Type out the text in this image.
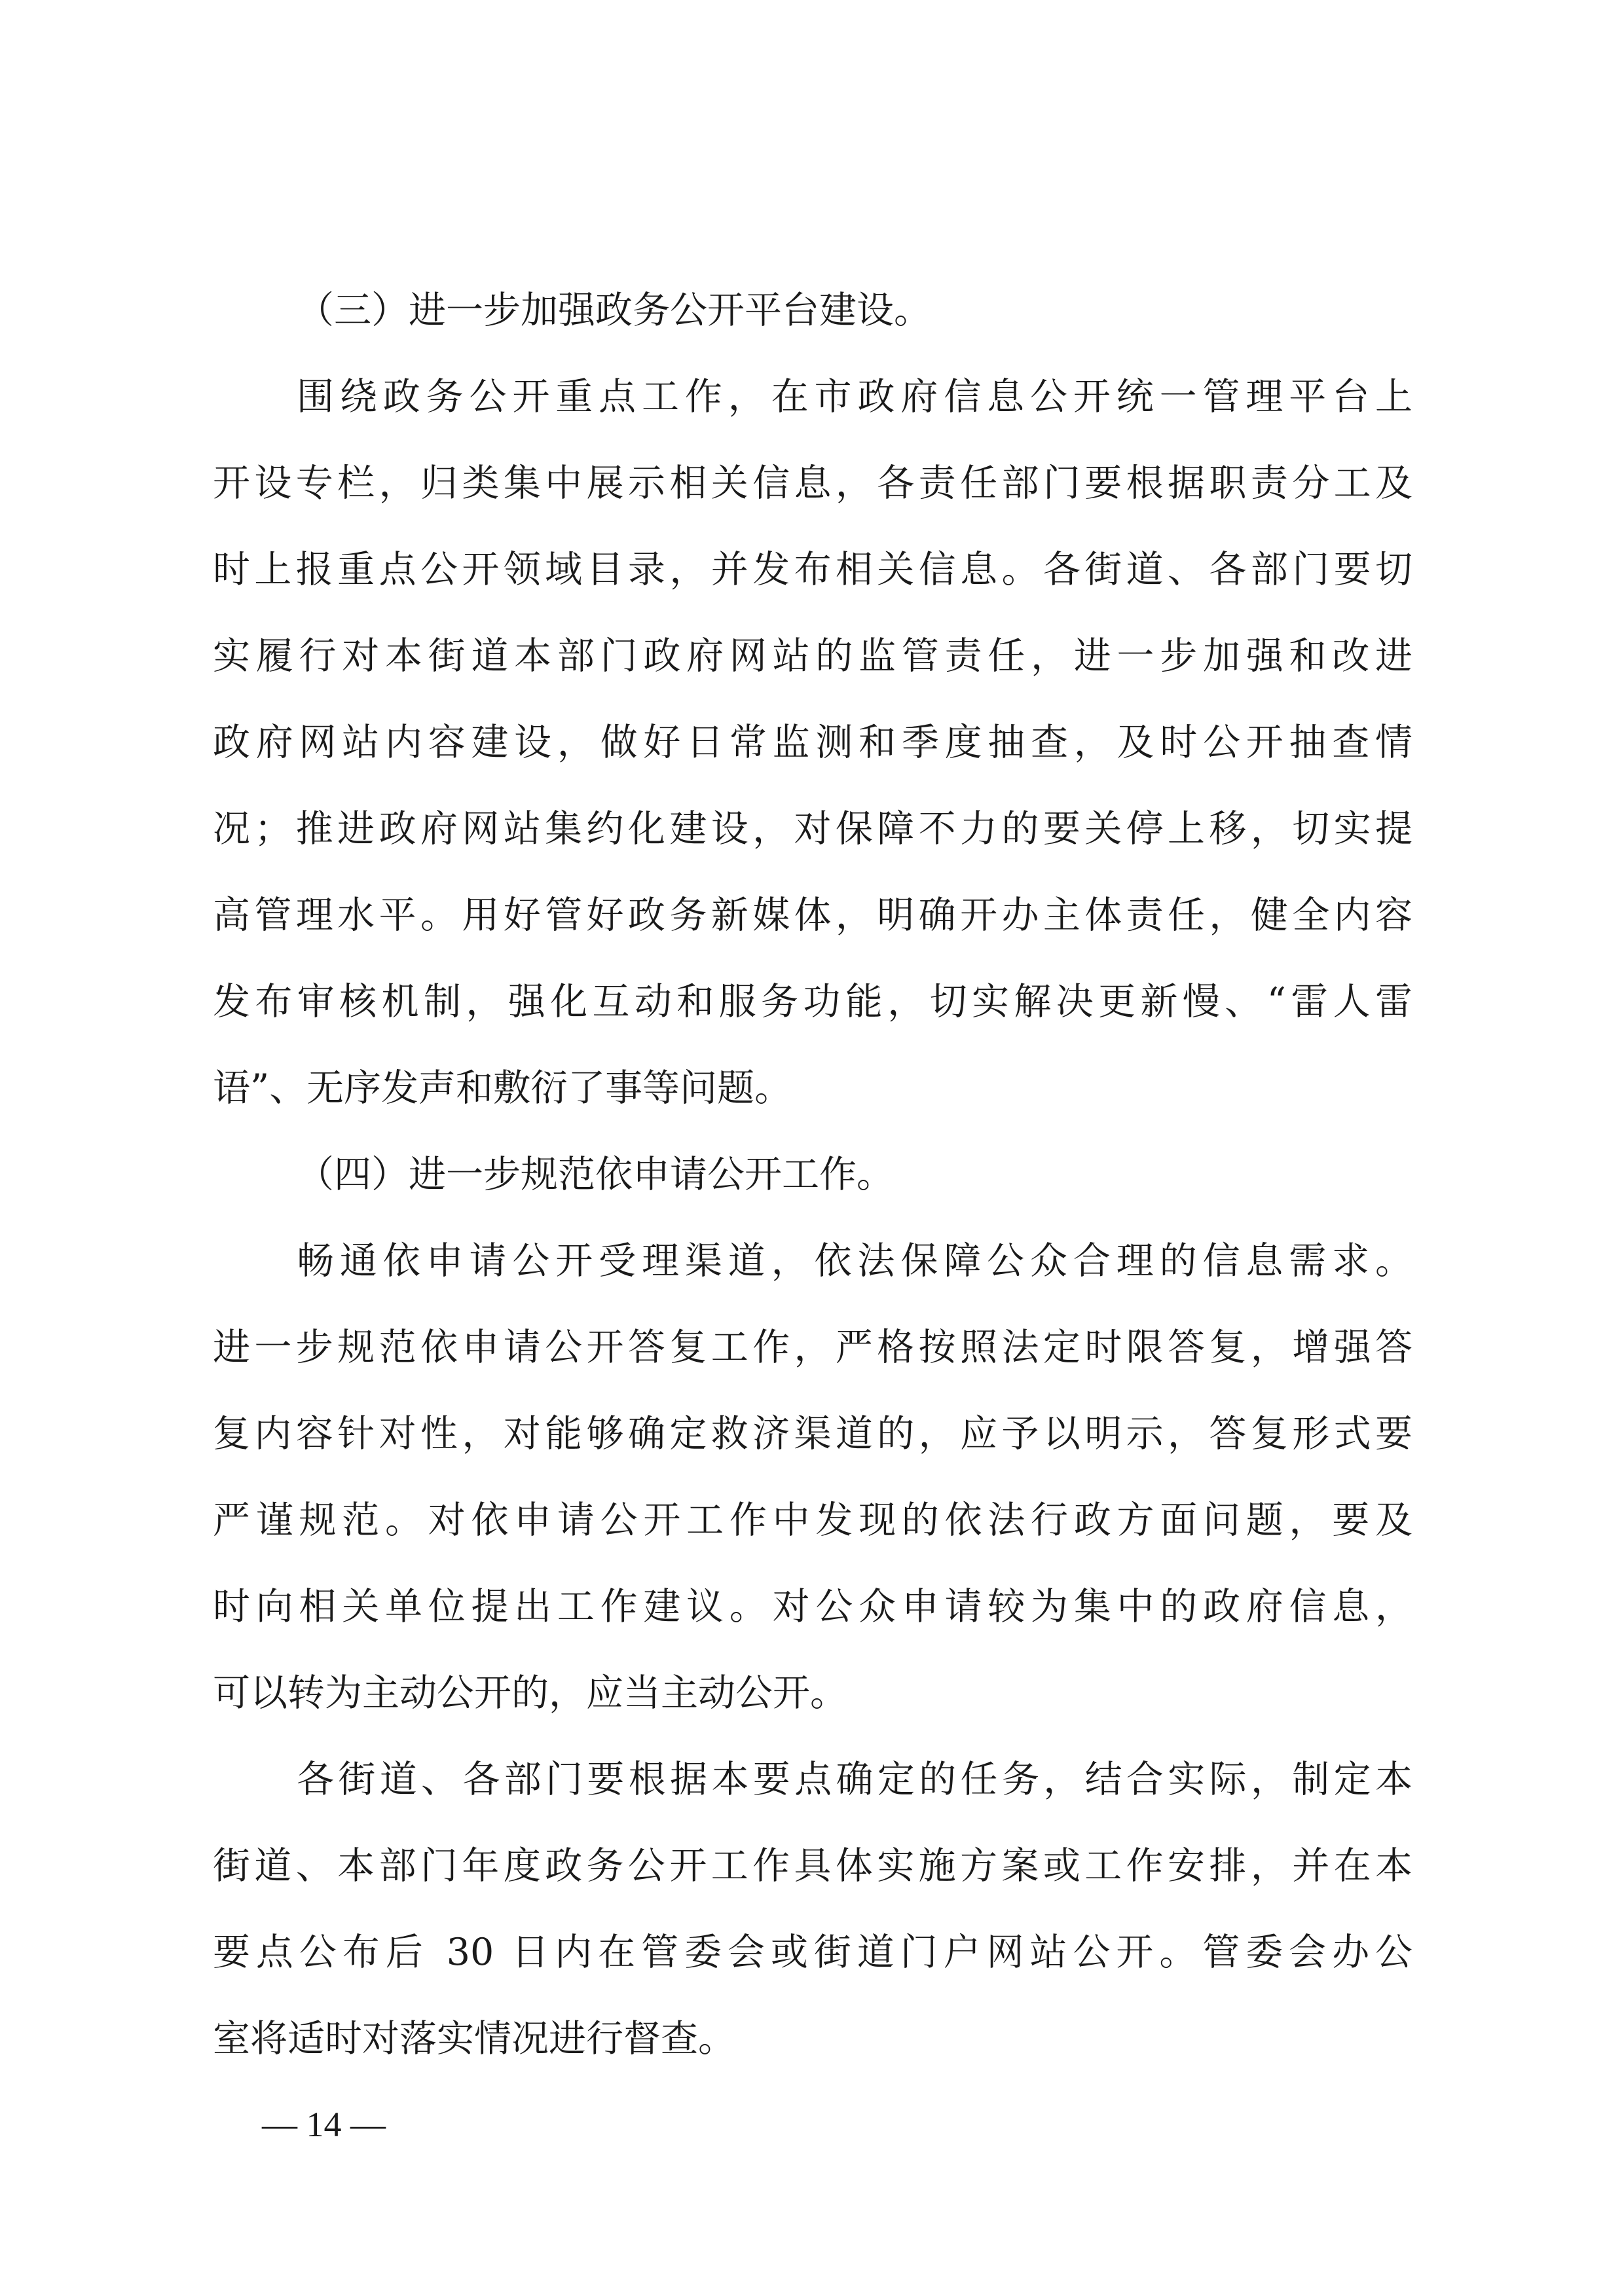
（三）进一步加强政务公开平台建设。
围绕政务公开重点工作，在市政府信息公开统一管理平台上
开设专栏，归类集中展示相关信息，各责任部门要根据职责分工及
时上报重点公开领域目录，并发布相关信息。各街道、各部门要切
实履行对本街道本部门政府网站的监管责任，进一步加强和改进
政府网站内容建设，做好日常监测和季度抽查，及时公开抽查情
况；推进政府网站集约化建设，对保障不力的要关停上移，切实提
高管理水平。用好管好政务新媒体，明确开办主体责任，健全内容
发布审核机制，强化互动和服务功能，切实解决更新慢、“雷人雷
语”、无序发声和敷衍了事等问题。
（四）进一步规范依申请公开工作。
畅通依申请公开受理渠道，依法保障公众合理的信息需求。
进一步规范依申请公开答复工作，严格按照法定时限答复，增强答
复内容针对性，对能够确定救济渠道的，应予以明示，答复形式要
严谨规范。对依申请公开工作中发现的依法行政方面问题，要及
时向相关单位提出工作建议。对公众申请较为集中的政府信息，
可以转为主动公开的，应当主动公开。
各街道、各部门要根据本要点确定的任务，结合实际，制定本
街道、本部门年度政务公开工作具体实施方案或工作安排，并在本
要点公布后 30 日内在管委会或街道门户网站公开。管委会办公
室将适时对落实情况进行督查。
— 14 —
